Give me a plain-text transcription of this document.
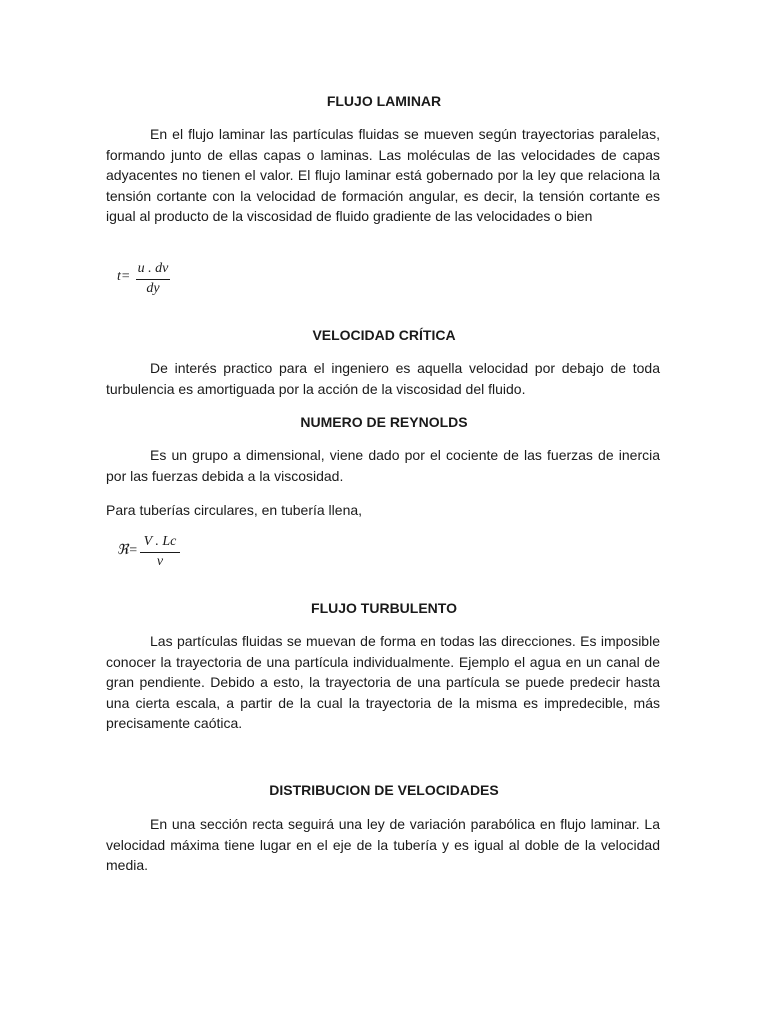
FLUJO LAMINAR

En el flujo laminar las partículas fluidas se mueven según trayectorias paralelas, formando junto de ellas capas o laminas. Las moléculas de las velocidades de capas adyacentes no tienen el valor. El flujo laminar está gobernado por la ley que relaciona la tensión cortante con la velocidad de formación angular, es decir, la tensión cortante es igual al producto de la viscosidad de fluido gradiente de las velocidades o bien

t=
u . dv
dy
VELOCIDAD CRÍTICA

De interés practico para el ingeniero es aquella velocidad por debajo de toda turbulencia es amortiguada por la acción de la viscosidad del fluido.

NUMERO DE REYNOLDS

Es un grupo a dimensional, viene dado por el cociente de las fuerzas de inercia por las fuerzas debida a la viscosidad.

Para tuberías circulares, en tubería llena,

ℜ=
V . Lc
ν
FLUJO TURBULENTO

Las partículas fluidas se muevan de forma en todas las direcciones. Es imposible conocer la trayectoria de una partícula individualmente. Ejemplo el agua en un canal de gran pendiente. Debido a esto, la trayectoria de una partícula se puede predecir hasta una cierta escala, a partir de la cual la trayectoria de la misma es impredecible, más precisamente caótica.

DISTRIBUCION DE VELOCIDADES

En una sección recta seguirá una ley de variación parabólica en flujo laminar. La velocidad máxima tiene lugar en el eje de la tubería y es igual al doble de la velocidad media.
